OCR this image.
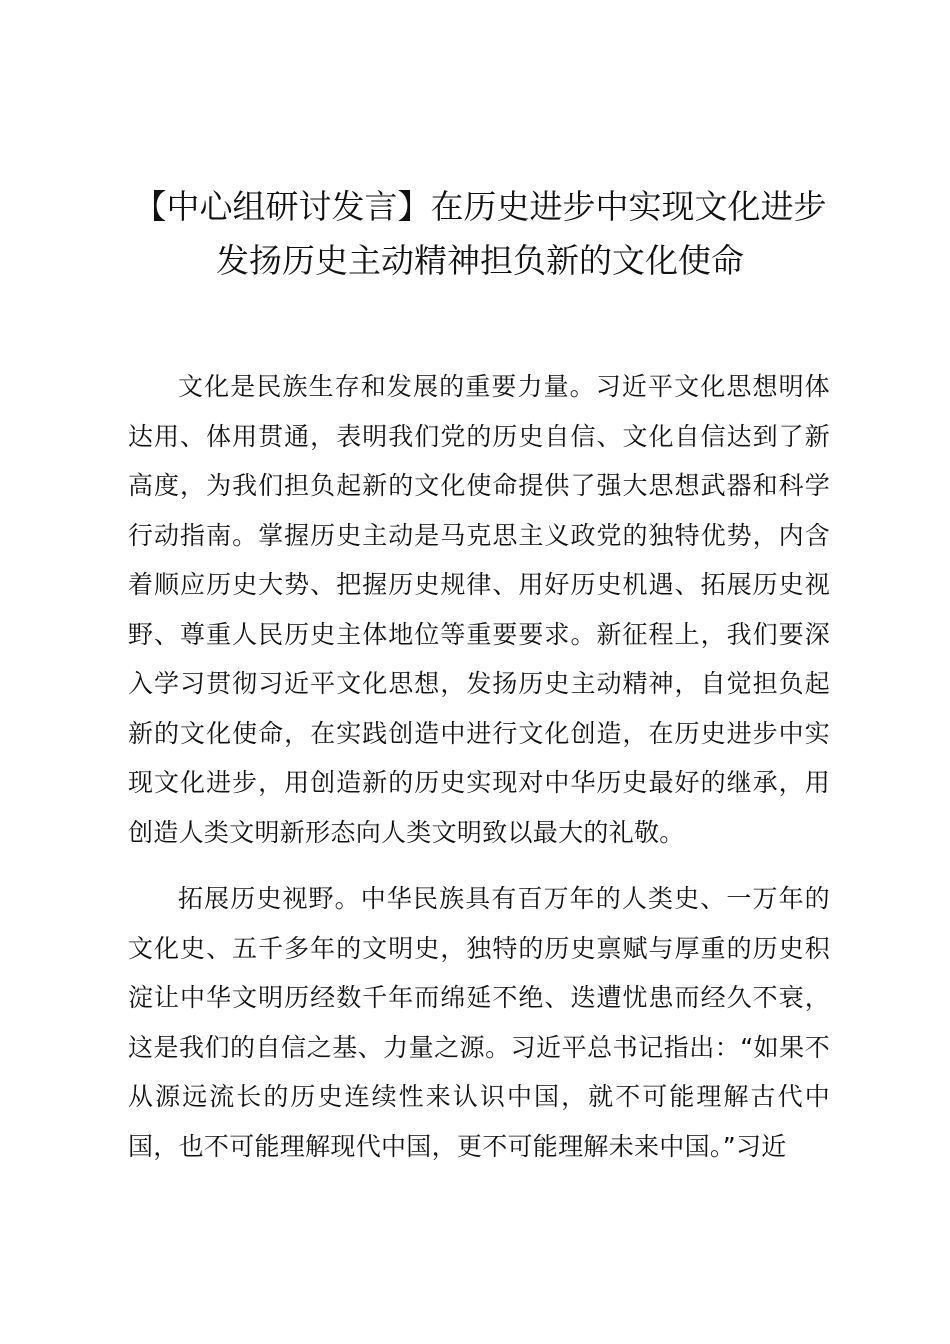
【中心组研讨发言】在历史进步中实现文化进步发扬历史主动精神担负新的文化使命

文化是民族生存和发展的重要力量。习近平文化思想明体达用、体用贯通，表明我们党的历史自信、文化自信达到了新高度，为我们担负起新的文化使命提供了强大思想武器和科学行动指南。掌握历史主动是马克思主义政党的独特优势，内含着顺应历史大势、把握历史规律、用好历史机遇、拓展历史视野、尊重人民历史主体地位等重要要求。新征程上，我们要深入学习贯彻习近平文化思想，发扬历史主动精神，自觉担负起新的文化使命，在实践创造中进行文化创造，在历史进步中实现文化进步，用创造新的历史实现对中华历史最好的继承，用创造人类文明新形态向人类文明致以最大的礼敬。

拓展历史视野。中华民族具有百万年的人类史、一万年的文化史、五千多年的文明史，独特的历史禀赋与厚重的历史积淀让中华文明历经数千年而绵延不绝、迭遭忧患而经久不衰，这是我们的自信之基、力量之源。习近平总书记指出：“如果不从源远流长的历史连续性来认识中国，就不可能理解古代中国，也不可能理解现代中国，更不可能理解未来中国。”习近
